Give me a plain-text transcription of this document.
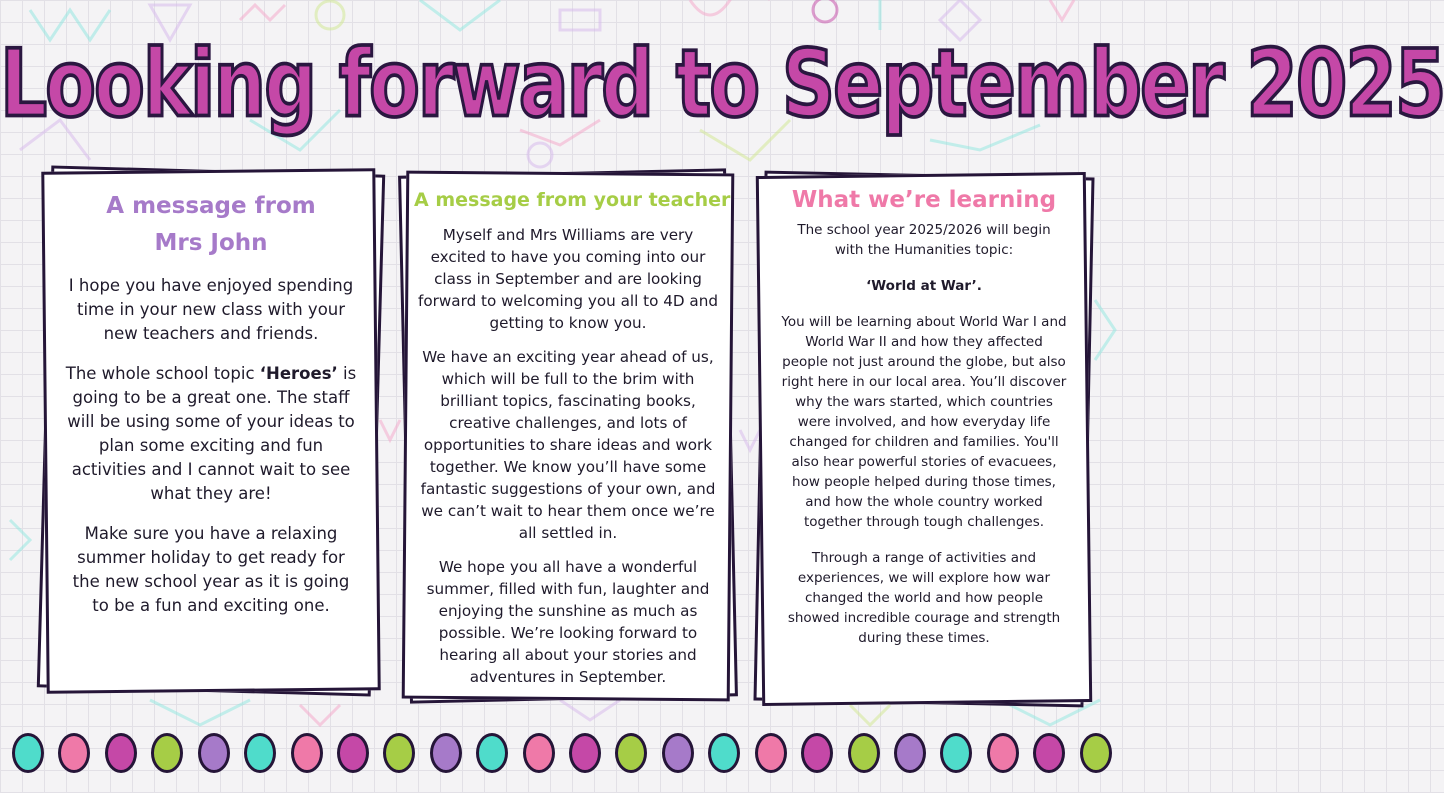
Looking forward to September 2025
A message from
Mrs John

I hope you have enjoyed spending time in your new class with your new teachers and friends.

The whole school topic ‘Heroes’ is going to be a great one. The staff will be using some of your ideas to plan some exciting and fun activities and I cannot wait to see what they are!

Make sure you have a relaxing summer holiday to get ready for the new school year as it is going to be a fun and exciting one.

A message from your teacher

Myself and Mrs Williams are very excited to have you coming into our class in September and are looking forward to welcoming you all to 4D and getting to know you.

We have an exciting year ahead of us, which will be full to the brim with brilliant topics, fascinating books, creative challenges, and lots of opportunities to share ideas and work together. We know you’ll have some fantastic suggestions of your own, and we can’t wait to hear them once we’re all settled in.

We hope you all have a wonderful summer, filled with fun, laughter and enjoying the sunshine as much as possible. We’re looking forward to hearing all about your stories and adventures in September.

What we’re learning

The school year 2025/2026 will begin with the Humanities topic:

‘World at War’.

You will be learning about World War I and World War II and how they affected people not just around the globe, but also right here in our local area. You’ll discover why the wars started, which countries were involved, and how everyday life changed for children and families. You'll also hear powerful stories of evacuees, how people helped during those times, and how the whole country worked together through tough challenges.

Through a range of activities and experiences, we will explore how war changed the world and how people showed incredible courage and strength during these times.
